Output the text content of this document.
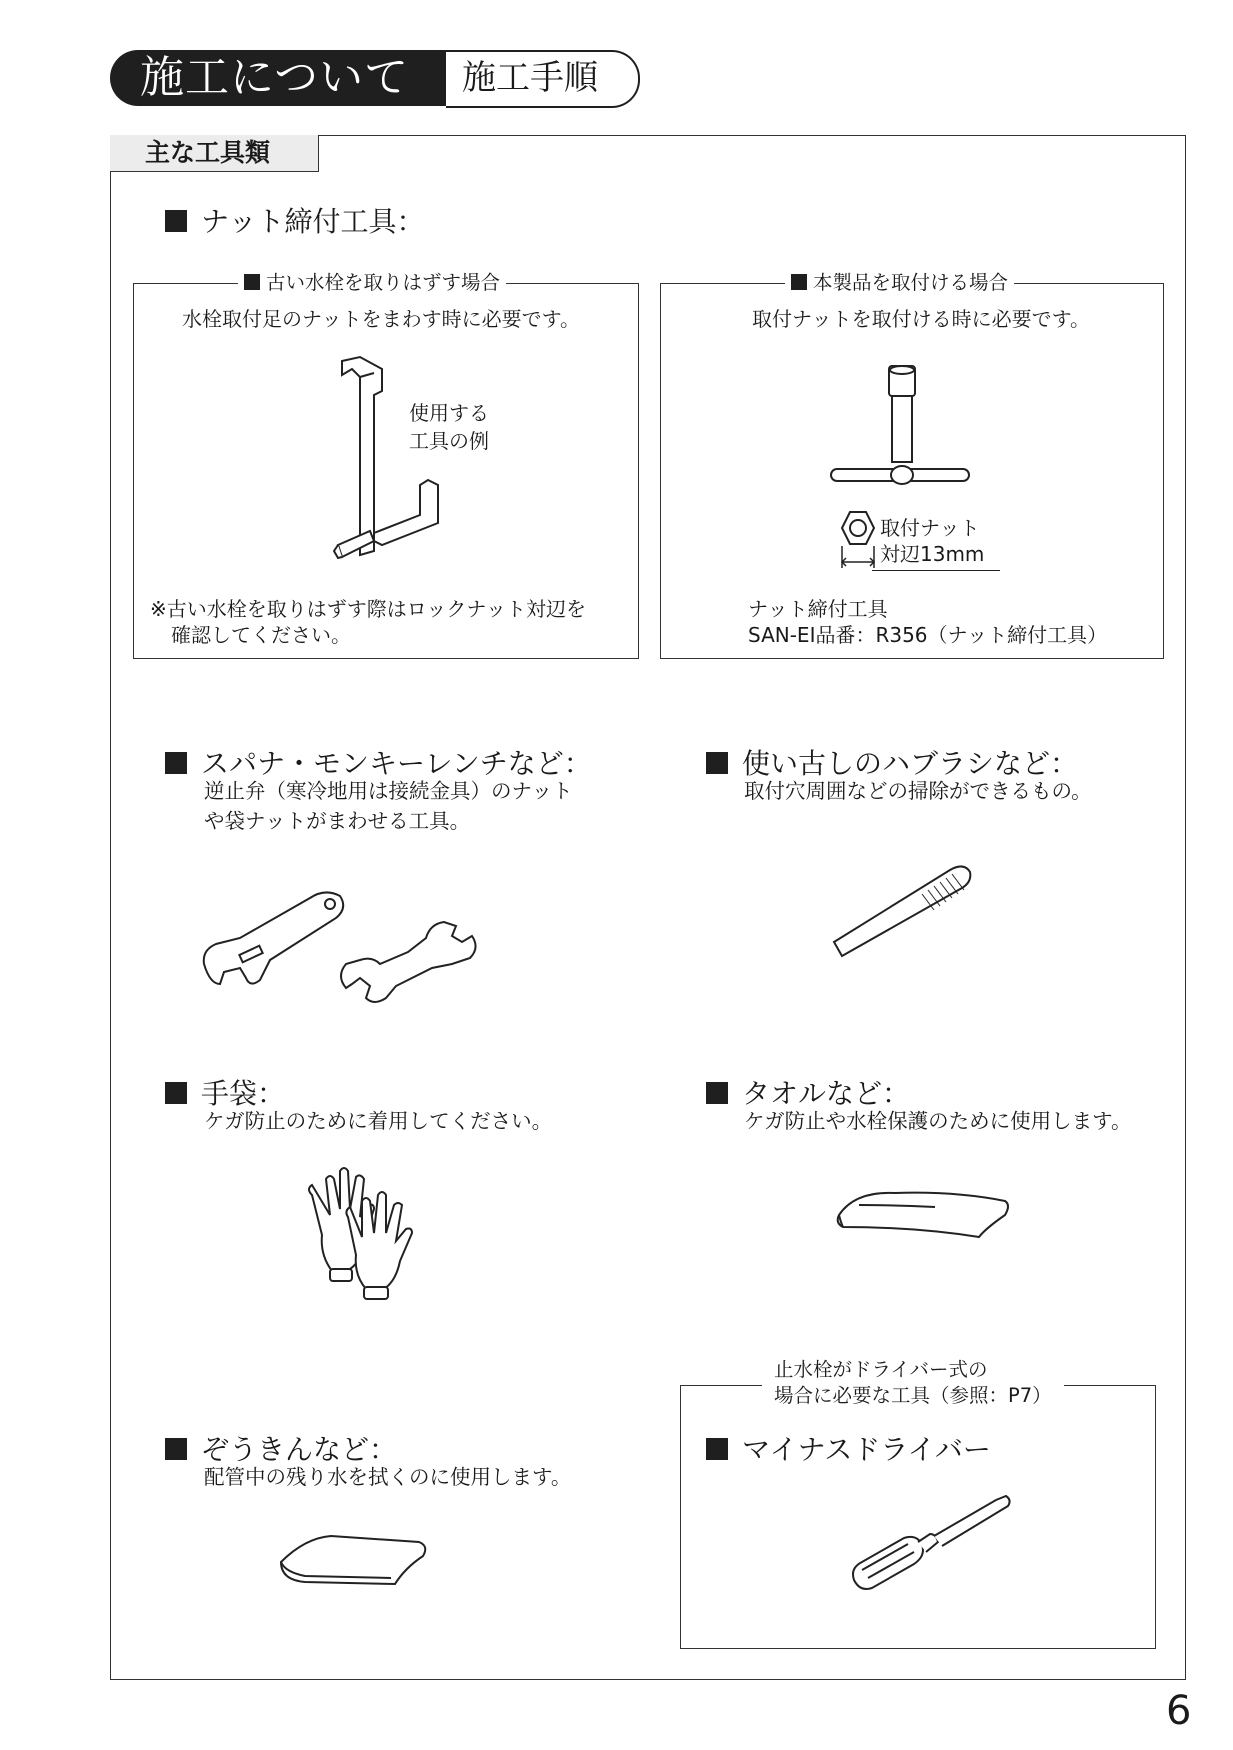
施工について 施工手順
主な工具類
ナット締付工具：
古い水栓を取りはずす場合
水栓取付足のナットをまわす時に必要です。
使用する
工具の例
※古い水栓を取りはずす際はロックナット対辺を
確認してください。
本製品を取付ける場合
取付ナットを取付ける時に必要です。
取付ナット
対辺13mm
ナット締付工具
SAN-EI品番：R356（ナット締付工具）
スパナ・モンキーレンチなど：
逆止弁（寒冷地用は接続金具）のナット
や袋ナットがまわせる工具。
使い古しのハブラシなど：
取付穴周囲などの掃除ができるもの。
手袋：
ケガ防止のために着用してください。
タオルなど：
ケガ防止や水栓保護のために使用します。
ぞうきんなど：
配管中の残り水を拭くのに使用します。
止水栓がドライバー式の
場合に必要な工具（参照：P7）
マイナスドライバー
6
